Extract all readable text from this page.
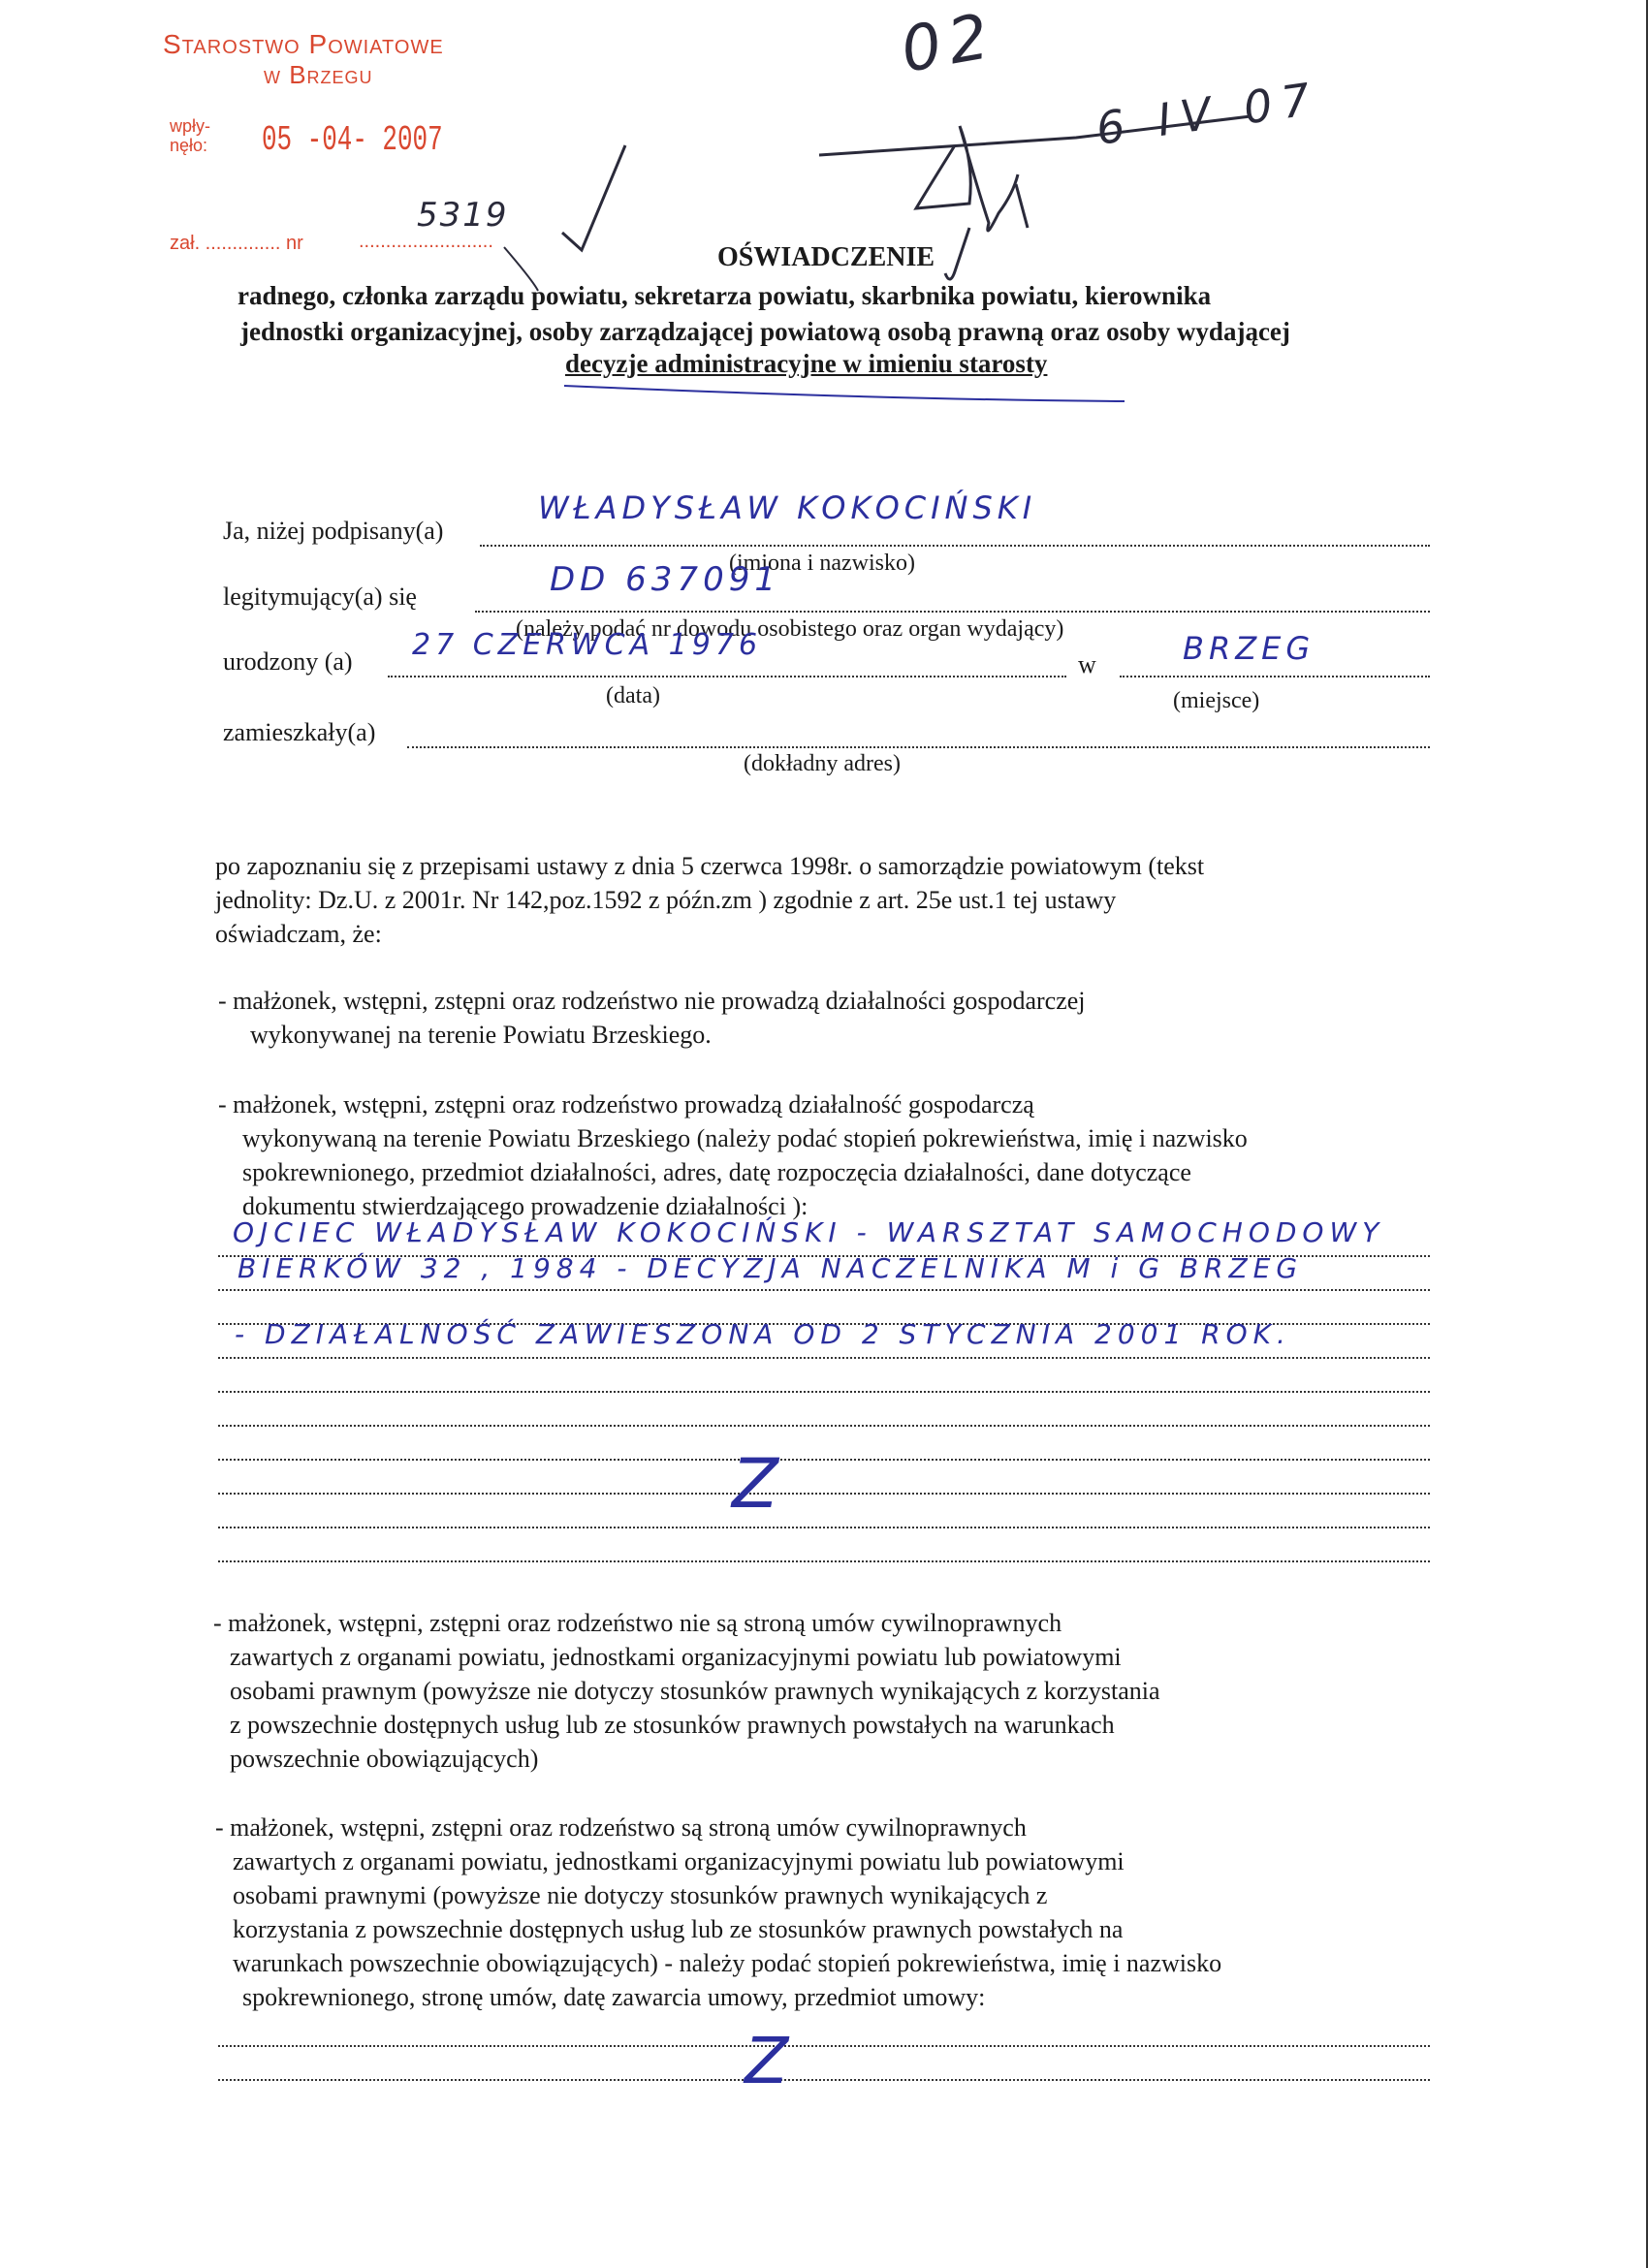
Starostwo Powiatowe
w Brzegu
wpły-
nęło: 05 -04- 2007
zał. .............. nr	.........................
5319
02
6 IV 07
OŚWIADCZENIE
radnego, członka zarządu powiatu, sekretarza powiatu, skarbnika powiatu, kierownika
jednostki organizacyjnej, osoby zarządzającej powiatową osobą prawną oraz osoby wydającej
decyzje administracyjne w imieniu starosty
Ja, niżej podpisany(a)
WŁADYSŁAW KOKOCIŃSKI
(imiona i nazwisko)
legitymujący(a) się	DD 637091
(należy podać nr dowodu osobistego oraz organ wydający)
urodzony (a) 27 CZERWCA 1976
w	BRZEG
(data)	(miejsce)
zamieszkały(a)
(dokładny adres)
po zapoznaniu się z przepisami ustawy z dnia 5 czerwca 1998r. o samorządzie powiatowym (tekst
jednolity: Dz.U. z 2001r. Nr 142,poz.1592 z późn.zm ) zgodnie z art. 25e ust.1 tej ustawy
oświadczam, że:
- małżonek, wstępni, zstępni oraz rodzeństwo nie prowadzą działalności gospodarczej
wykonywanej na terenie Powiatu Brzeskiego.
- małżonek, wstępni, zstępni oraz rodzeństwo prowadzą działalność gospodarczą
wykonywaną na terenie Powiatu Brzeskiego (należy podać stopień pokrewieństwa, imię i nazwisko
spokrewnionego, przedmiot działalności, adres, datę rozpoczęcia działalności, dane dotyczące
dokumentu stwierdzającego prowadzenie działalności ):
OJCIEC WŁADYSŁAW KOKOCIŃSKI - WARSZTAT SAMOCHODOWY
BIERKÓW 32 , 1984 - DECYZJA NACZELNIKA M i G BRZEG
- DZIAŁALNOŚĆ ZAWIESZONA OD 2 STYCZNIA 2001 ROK.
Z
- małżonek, wstępni, zstępni oraz rodzeństwo nie są stroną umów cywilnoprawnych
zawartych z organami powiatu, jednostkami organizacyjnymi powiatu lub powiatowymi
osobami prawnym (powyższe nie dotyczy stosunków prawnych wynikających z korzystania
z powszechnie dostępnych usług lub ze stosunków prawnych powstałych na warunkach
powszechnie obowiązujących)
- małżonek, wstępni, zstępni oraz rodzeństwo są stroną umów cywilnoprawnych
zawartych z organami powiatu, jednostkami organizacyjnymi powiatu lub powiatowymi
osobami prawnymi (powyższe nie dotyczy stosunków prawnych wynikających z
korzystania z powszechnie dostępnych usług lub ze stosunków prawnych powstałych na
warunkach powszechnie obowiązujących) - należy podać stopień pokrewieństwa, imię i nazwisko
spokrewnionego, stronę umów, datę zawarcia umowy, przedmiot umowy:
Z
